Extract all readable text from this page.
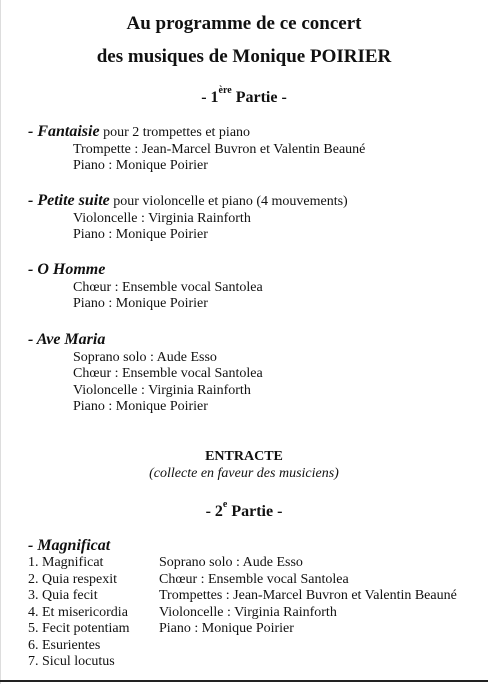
Au programme de ce concert
des musiques de Monique POIRIER
- 1ère Partie -
- Fantaisie pour 2 trompettes et piano
Trompette : Jean-Marcel Buvron et Valentin Beauné
Piano : Monique Poirier
- Petite suite pour violoncelle et piano (4 mouvements)
Violoncelle : Virginia Rainforth
Piano : Monique Poirier
- O Homme
Chœur : Ensemble vocal Santolea
Piano : Monique Poirier
- Ave Maria
Soprano solo : Aude Esso
Chœur : Ensemble vocal Santolea
Violoncelle : Virginia Rainforth
Piano : Monique Poirier
ENTRACTE
(collecte en faveur des musiciens)
- 2e Partie -
- Magnificat
1. Magnificat
2. Quia respexit
3. Quia fecit
4. Et misericordia
5. Fecit potentiam
6. Esurientes
7. Sicul locutus
Soprano solo : Aude Esso
Chœur : Ensemble vocal Santolea
Trompettes : Jean-Marcel Buvron et Valentin Beauné
Violoncelle : Virginia Rainforth
Piano : Monique Poirier
